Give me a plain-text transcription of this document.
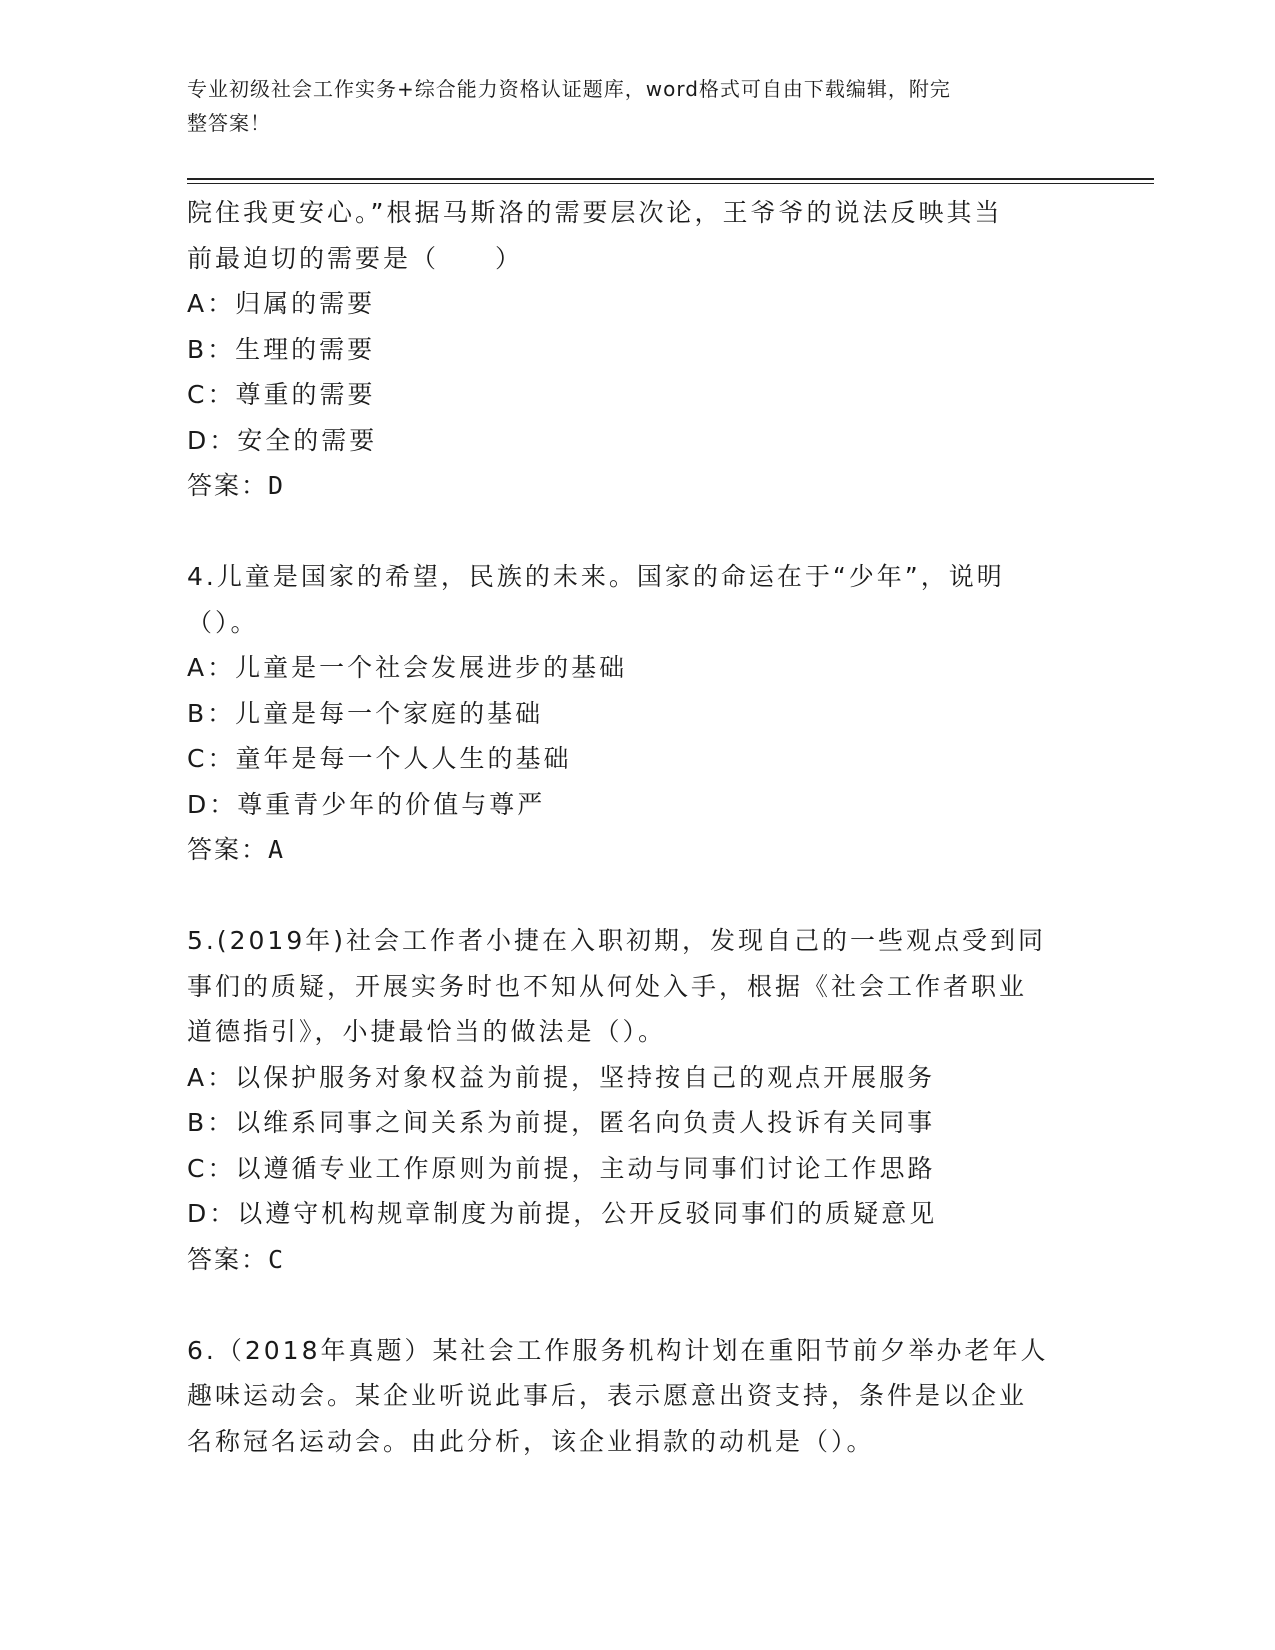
专业初级社会工作实务+综合能力资格认证题库，word格式可自由下载编辑，附完
整答案！
院住我更安心。”根据马斯洛的需要层次论，王爷爷的说法反映其当
前最迫切的需要是（　　）
A：归属的需要
B：生理的需要
C：尊重的需要
D：安全的需要
答案：D
4.儿童是国家的希望，民族的未来。国家的命运在于“少年”，说明
（）。
A：儿童是一个社会发展进步的基础
B：儿童是每一个家庭的基础
C：童年是每一个人人生的基础
D：尊重青少年的价值与尊严
答案：A
5.(2019年)社会工作者小捷在入职初期，发现自己的一些观点受到同
事们的质疑，开展实务时也不知从何处入手，根据《社会工作者职业
道德指引》，小捷最恰当的做法是（）。
A：以保护服务对象权益为前提，坚持按自己的观点开展服务
B：以维系同事之间关系为前提，匿名向负责人投诉有关同事
C：以遵循专业工作原则为前提，主动与同事们讨论工作思路
D：以遵守机构规章制度为前提，公开反驳同事们的质疑意见
答案：C
6.（2018年真题）某社会工作服务机构计划在重阳节前夕举办老年人
趣味运动会。某企业听说此事后，表示愿意出资支持，条件是以企业
名称冠名运动会。由此分析，该企业捐款的动机是（）。
